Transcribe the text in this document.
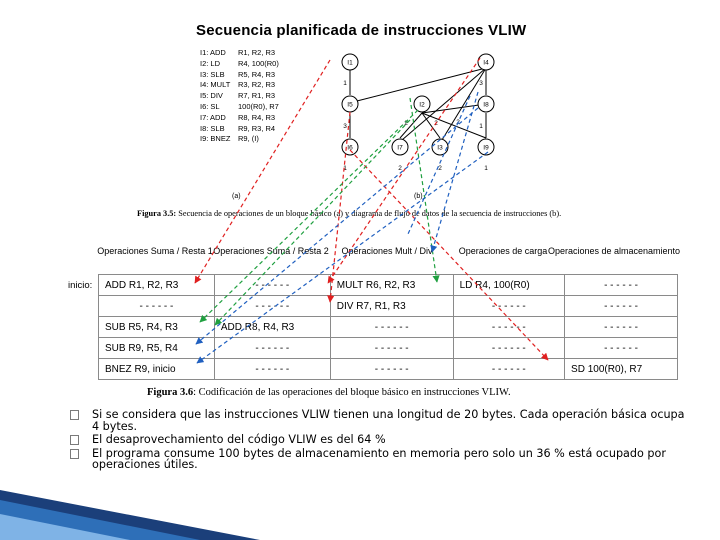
Secuencia planificada de instrucciones VLIW
I1: ADD R1, R2, R3
I2: LD R4, 100(R0)
I3: SLB R5, R4, R3
I4: MULT R3, R2, R3
I5: DIV R7, R1, R3
I6: SL 100(R0), R7
I7: ADD R8, R4, R3
I8: SLB R9, R3, R4
I9: BNEZ R9, (I)
I1	I4
I5	I2	I8
I6	I7	I3	I9
1	3
3	1
2	2	2
1	2	2	1
(a)	(b)
Figura 3.5: Secuencia de operaciones de un bloque básico (a) y diagrama de flujo de datos de la secuencia de instrucciones (b).
Operaciones Suma / Resta 1 Operaciones Suma / Resta 2	Operaciones Mult / Div	Operaciones de carga Operaciones de almacenamiento
inicio: ADD R1, R2, R3	- - - - - -	MULT R6, R2, R3	LD R4, 100(R0)	- - - - - -
- - - - - -	- - - - - -	DIV R7, R1, R3	- - - - - -	- - - - - -
SUB R5, R4, R3	ADD R8, R4, R3	- - - - - -	- - - - - -	- - - - - -
SUB R9, R5, R4	- - - - - -	- - - - - -	- - - - - -	- - - - - -
BNEZ R9, inicio	- - - - - -	- - - - - -	- - - - - -	SD 100(R0), R7
Figura 3.6: Codificación de las operaciones del bloque básico en instrucciones VLIW.
Si se considera que las instrucciones VLIW tienen una longitud de 20 bytes. Cada operación básica ocupa 4 bytes.
El desaprovechamiento del código VLIW es del 64 %
El programa consume 100 bytes de almacenamiento en memoria pero solo un 36 % está ocupado por operaciones útiles.
